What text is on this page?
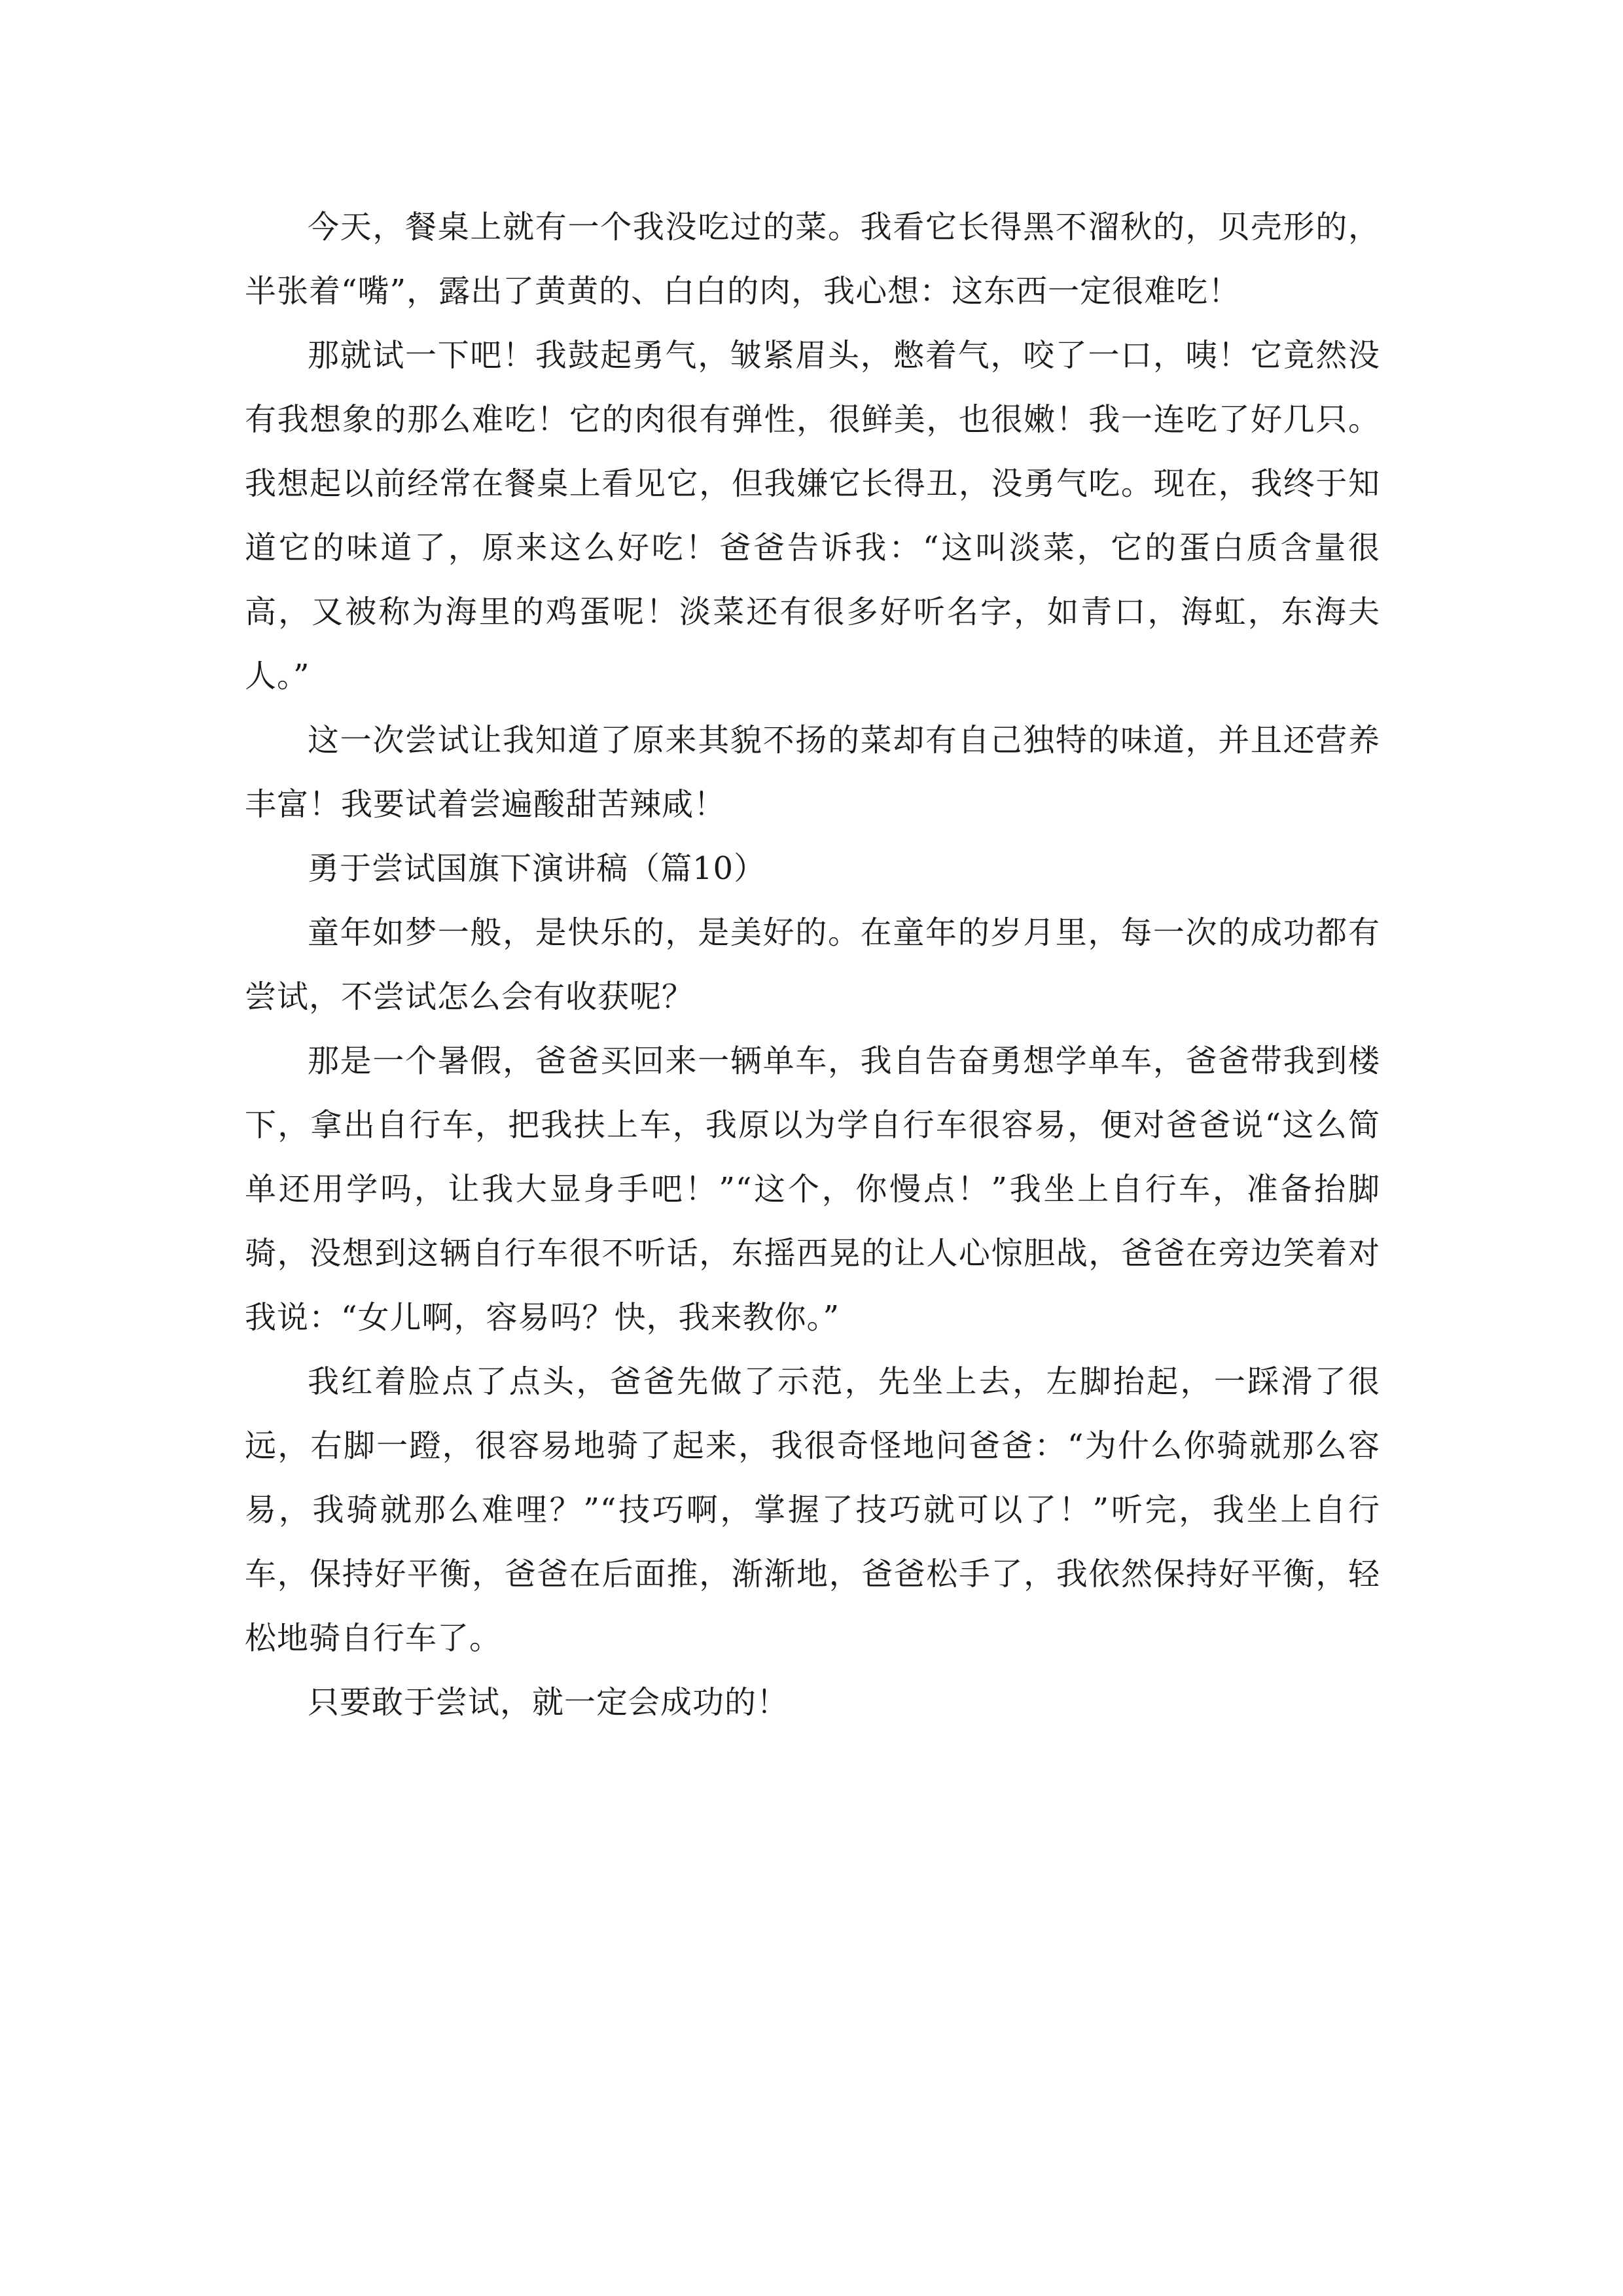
今天，餐桌上就有一个我没吃过的菜。我看它长得黑不溜秋的，贝壳形的，半张着“嘴”，露出了黄黄的、白白的肉，我心想：这东西一定很难吃！

那就试一下吧！我鼓起勇气，皱紧眉头，憋着气，咬了一口，咦！它竟然没有我想象的那么难吃！它的肉很有弹性，很鲜美，也很嫩！我一连吃了好几只。我想起以前经常在餐桌上看见它，但我嫌它长得丑，没勇气吃。现在，我终于知道它的味道了，原来这么好吃！爸爸告诉我：“这叫淡菜，它的蛋白质含量很高，又被称为海里的鸡蛋呢！淡菜还有很多好听名字，如青口，海虹，东海夫人。”

这一次尝试让我知道了原来其貌不扬的菜却有自己独特的味道，并且还营养丰富！我要试着尝遍酸甜苦辣咸！

勇于尝试国旗下演讲稿（篇10）

童年如梦一般，是快乐的，是美好的。在童年的岁月里，每一次的成功都有尝试，不尝试怎么会有收获呢？

那是一个暑假，爸爸买回来一辆单车，我自告奋勇想学单车，爸爸带我到楼下，拿出自行车，把我扶上车，我原以为学自行车很容易，便对爸爸说“这么简单还用学吗，让我大显身手吧！”“这个，你慢点！”我坐上自行车，准备抬脚骑，没想到这辆自行车很不听话，东摇西晃的让人心惊胆战，爸爸在旁边笑着对我说：“女儿啊，容易吗？快，我来教你。”

我红着脸点了点头，爸爸先做了示范，先坐上去，左脚抬起，一踩滑了很远，右脚一蹬，很容易地骑了起来，我很奇怪地问爸爸：“为什么你骑就那么容易，我骑就那么难哩？”“技巧啊，掌握了技巧就可以了！”听完，我坐上自行车，保持好平衡，爸爸在后面推，渐渐地，爸爸松手了，我依然保持好平衡，轻松地骑自行车了。

只要敢于尝试，就一定会成功的！
